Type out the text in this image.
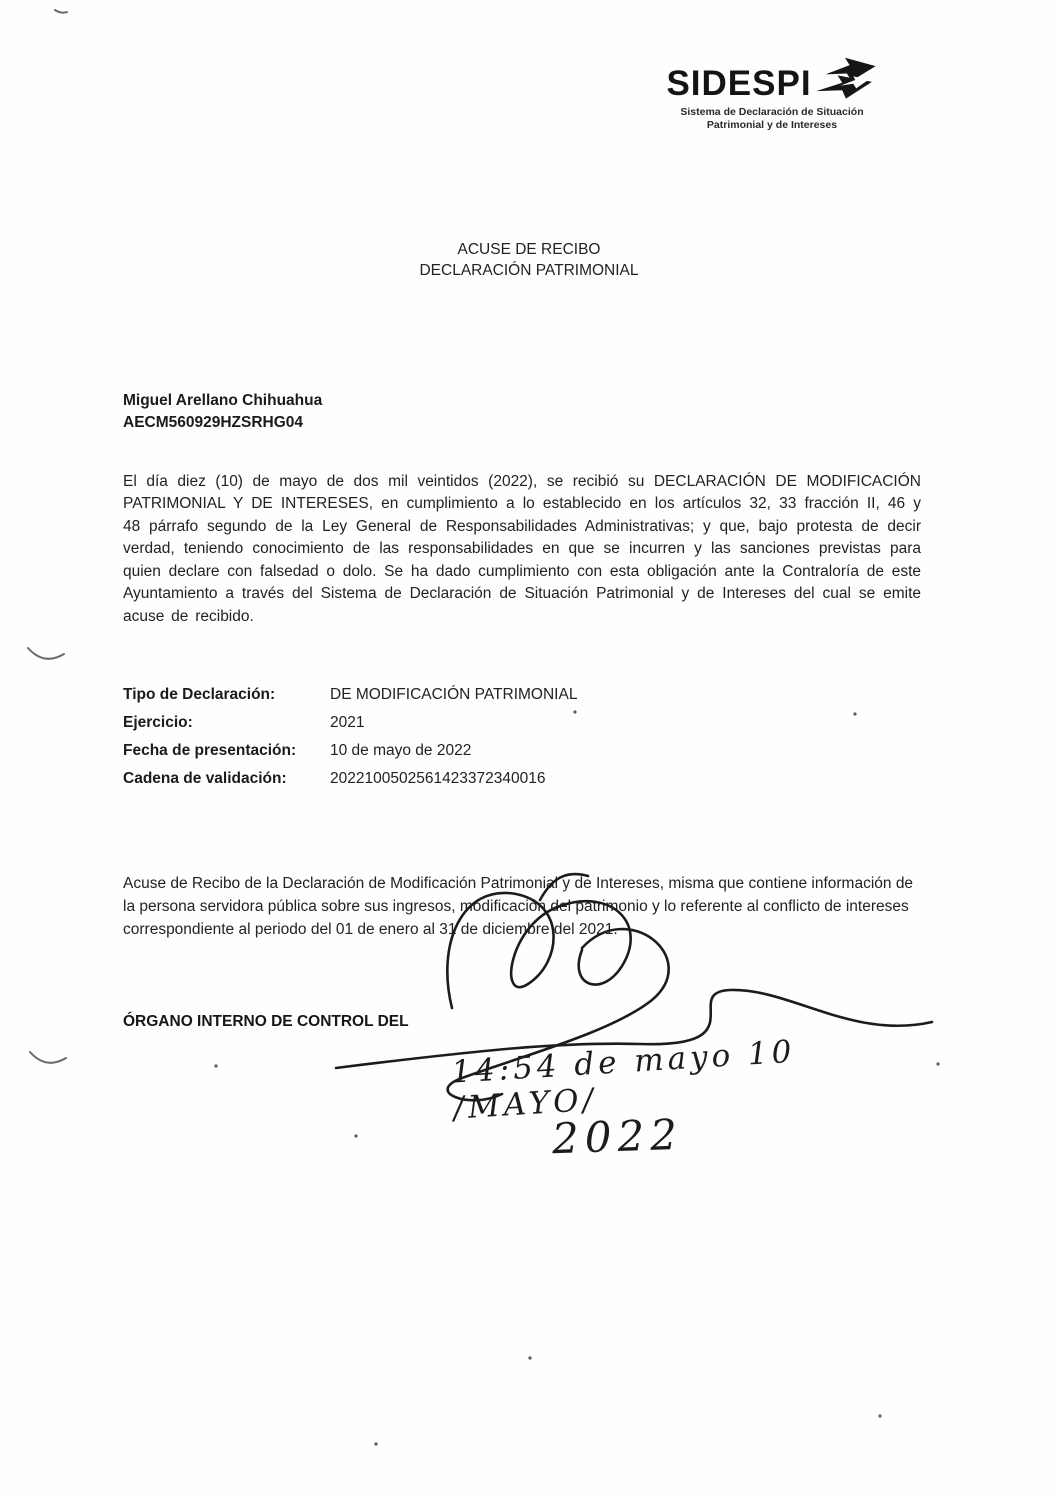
SIDESPI
Sistema de Declaración de Situación
Patrimonial y de Intereses
ACUSE DE RECIBO
DECLARACIÓN PATRIMONIAL
Miguel Arellano Chihuahua
AECM560929HZSRHG04

El día diez (10) de mayo de dos mil veintidos (2022), se recibió su DECLARACIÓN DE MODIFICACIÓN PATRIMONIAL Y DE INTERESES, en cumplimiento a lo establecido en los artículos 32, 33 fracción II, 46 y 48 párrafo segundo de la Ley General de Responsabilidades Administrativas; y que, bajo protesta de decir verdad, teniendo conocimiento de las responsabilidades en que se incurren y las sanciones previstas para quien declare con falsedad o dolo. Se ha dado cumplimiento con esta obligación ante la Contraloría de este Ayuntamiento a través del Sistema de Declaración de Situación Patrimonial y de Intereses del cual se emite acuse de recibido.

Tipo de Declaración:	DE MODIFICACIÓN PATRIMONIAL
Ejercicio:	2021
Fecha de presentación:	10 de mayo de 2022
Cadena de validación:	2022100502561423372340016

Acuse de Recibo de la Declaración de Modificación Patrimonial y de Intereses, misma que contiene información de la persona servidora pública sobre sus ingresos, modificación del patrimonio y lo referente al conflicto de intereses correspondiente al periodo del 01 de enero al 31 de diciembre del 2021.

ÓRGANO INTERNO DE CONTROL DEL
14:54 de mayo 10 /MAYO/
2022
